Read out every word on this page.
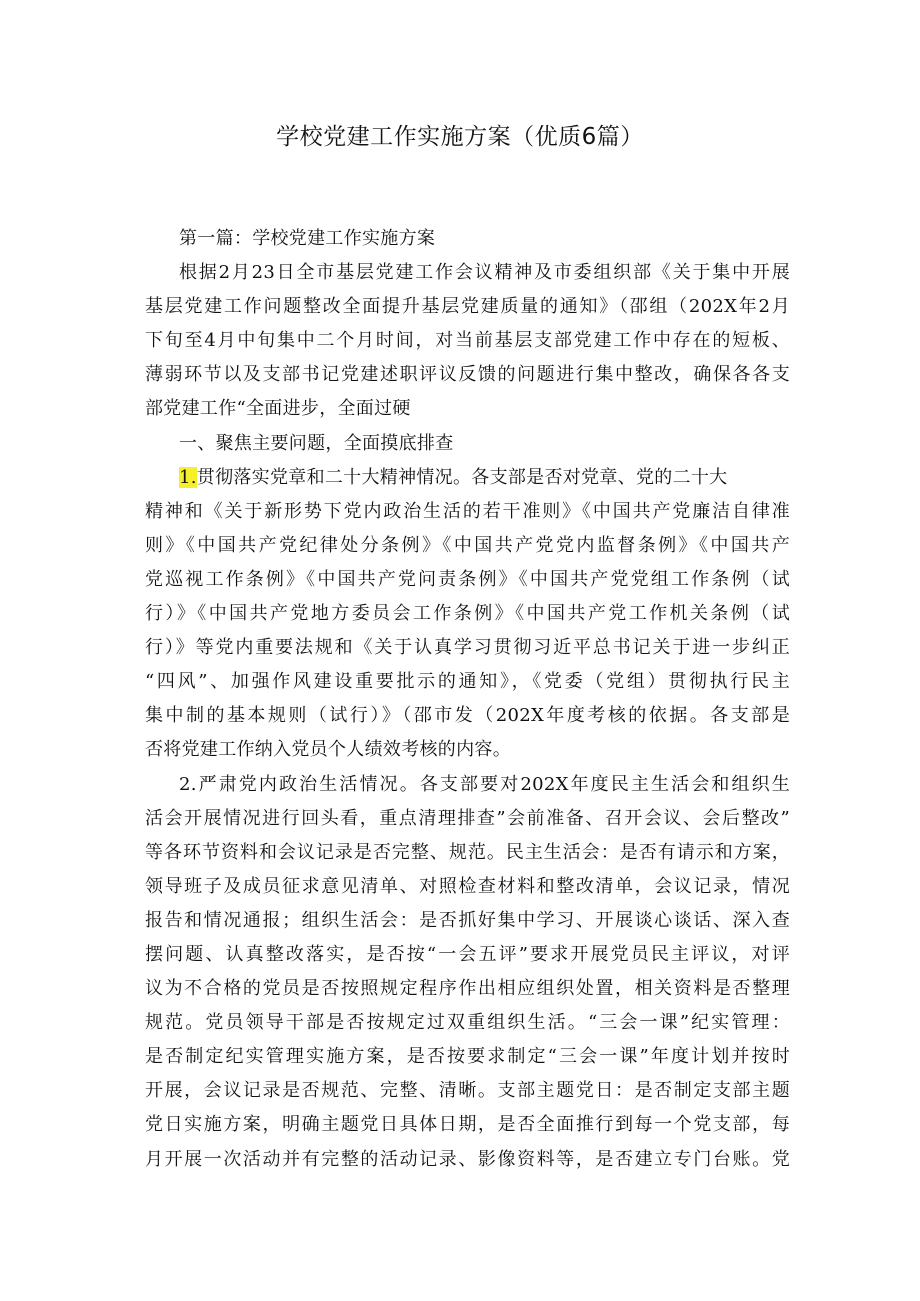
学校党建工作实施方案（优质6篇）
第一篇：学校党建工作实施方案
根据2月23日全市基层党建工作会议精神及市委组织部《关于集中开展
基层党建工作问题整改全面提升基层党建质量的通知》（邵组（202X年2月
下旬至4月中旬集中二个月时间，对当前基层支部党建工作中存在的短板、
薄弱环节以及支部书记党建述职评议反馈的问题进行集中整改，确保各各支
部党建工作“全面进步，全面过硬
一、聚焦主要问题，全面摸底排查
1.贯彻落实党章和二十大精神情况。各支部是否对党章、党的二十大
精神和《关于新形势下党内政治生活的若干准则》《中国共产党廉洁自律准
则》《中国共产党纪律处分条例》《中国共产党党内监督条例》《中国共产
党巡视工作条例》《中国共产党问责条例》《中国共产党党组工作条例（试
行）》《中国共产党地方委员会工作条例》《中国共产党工作机关条例（试
行）》等党内重要法规和《关于认真学习贯彻习近平总书记关于进一步纠正
“四风”、加强作风建设重要批示的通知》，《党委（党组）贯彻执行民主
集中制的基本规则（试行）》（邵市发（202X年度考核的依据。各支部是
否将党建工作纳入党员个人绩效考核的内容。
2.严肃党内政治生活情况。各支部要对202X年度民主生活会和组织生
活会开展情况进行回头看，重点清理排查”会前准备、召开会议、会后整改”
等各环节资料和会议记录是否完整、规范。民主生活会：是否有请示和方案，
领导班子及成员征求意见清单、对照检查材料和整改清单，会议记录，情况
报告和情况通报；组织生活会：是否抓好集中学习、开展谈心谈话、深入查
摆问题、认真整改落实，是否按“一会五评”要求开展党员民主评议，对评
议为不合格的党员是否按照规定程序作出相应组织处置，相关资料是否整理
规范。党员领导干部是否按规定过双重组织生活。“三会一课”纪实管理：
是否制定纪实管理实施方案，是否按要求制定“三会一课”年度计划并按时
开展，会议记录是否规范、完整、清晰。支部主题党日：是否制定支部主题
党日实施方案，明确主题党日具体日期，是否全面推行到每一个党支部，每
月开展一次活动并有完整的活动记录、影像资料等，是否建立专门台账。党
